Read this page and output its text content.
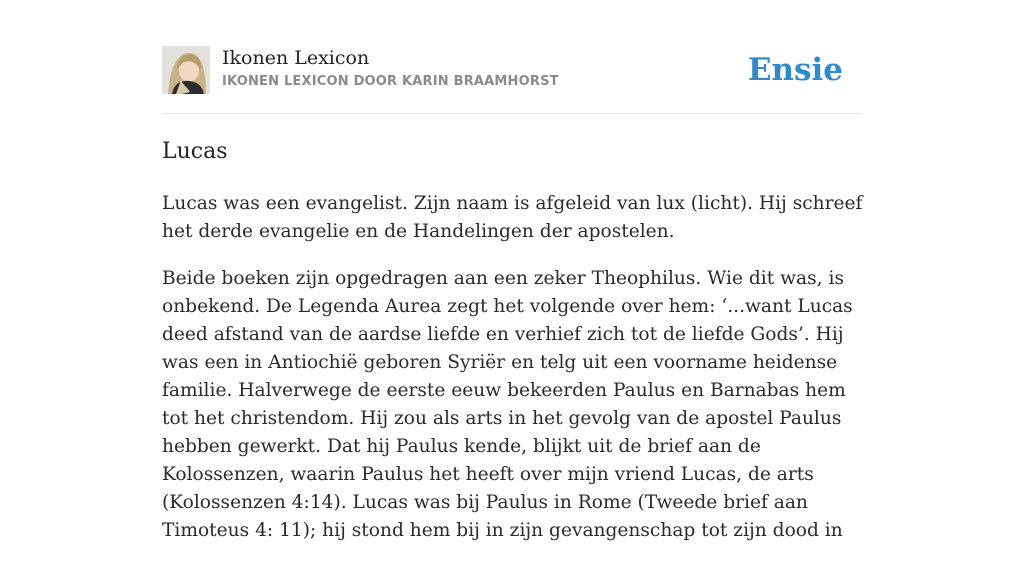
Ikonen Lexicon
IKONEN LEXICON DOOR KARIN BRAAMHORST	Ensie
Lucas

Lucas was een evangelist. Zijn naam is afgeleid van lux (licht). Hij schreef het derde evangelie en de Handelingen der apostelen.

Beide boeken zijn opgedragen aan een zeker Theophilus. Wie dit was, is onbekend. De Legenda Aurea zegt het volgende over hem: ‘...want Lucas deed afstand van de aardse liefde en verhief zich tot de liefde Gods’. Hij was een in Antiochië geboren Syriër en telg uit een voorname heidense familie. Halverwege de eerste eeuw bekeerden Paulus en Barnabas hem tot het christendom. Hij zou als arts in het gevolg van de apostel Paulus hebben gewerkt. Dat hij Paulus kende, blijkt uit de brief aan de Kolossenzen, waarin Paulus het heeft over mijn vriend Lucas, de arts (Kolossenzen 4:14). Lucas was bij Paulus in Rome (Tweede brief aan Timoteus 4: 11); hij stond hem bij in zijn gevangenschap tot zijn dood in
